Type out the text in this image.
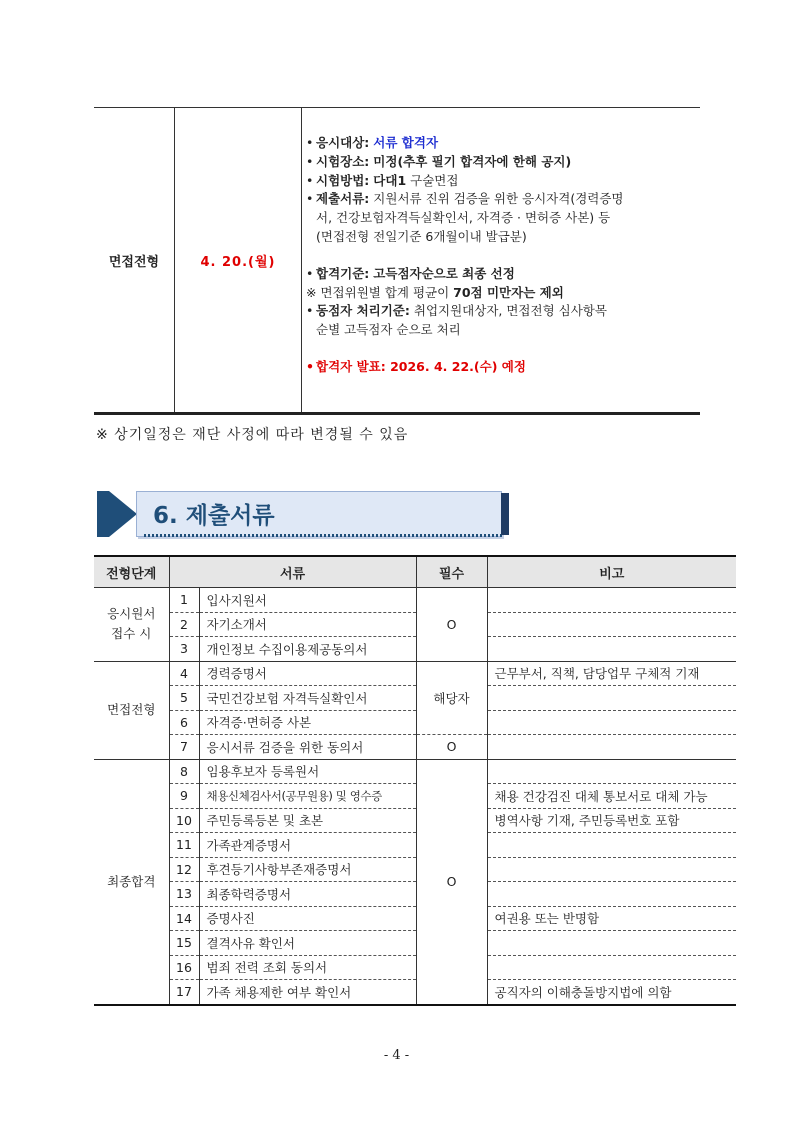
면접전형	4. 20.(월)
• 응시대상: 서류 합격자
• 시험장소: 미정(추후 필기 합격자에 한해 공지)
• 시험방법: 다대1 구술면접
• 제출서류: 지원서류 진위 검증을 위한 응시자격(경력증명
서, 건강보험자격득실확인서, 자격증 · 면허증 사본) 등
(면접전형 전일기준 6개월이내 발급분)
• 합격기준: 고득점자순으로 최종 선정
※ 면접위원별 합계 평균이 70점 미만자는 제외
• 동점자 처리기준: 취업지원대상자, 면접전형 심사항목
순별 고득점자 순으로 처리
• 합격자 발표: 2026. 4. 22.(수) 예정
※ 상기일정은 재단 사정에 따라 변경될 수 있음
6. 제출서류
전형단계	서류		필수	비고

응시원서
접수 시	1	입사지원서	O	
	2	자기소개서		
	3	개인정보 수집이용제공동의서		
면접전형	4	경력증명서	해당자	근무부서, 직책, 담당업무 구체적 기재
	5	국민건강보험 자격득실확인서		
	6	자격증·면허증 사본		
	7	응시서류 검증을 위한 동의서	O	
최종합격	8	임용후보자 등록원서	O	
	9	채용신체검사서(공무원용) 및 영수증		채용 건강검진 대체 통보서로 대체 가능
	10	주민등록등본 및 초본		병역사항 기재, 주민등록번호 포함
	11	가족관계증명서		
	12	후견등기사항부존재증명서		
	13	최종학력증명서		
	14	증명사진		여권용 또는 반명함
	15	결격사유 확인서		
	16	범죄 전력 조회 동의서		
	17	가족 채용제한 여부 확인서		공직자의 이해충돌방지법에 의함
- 4 -
